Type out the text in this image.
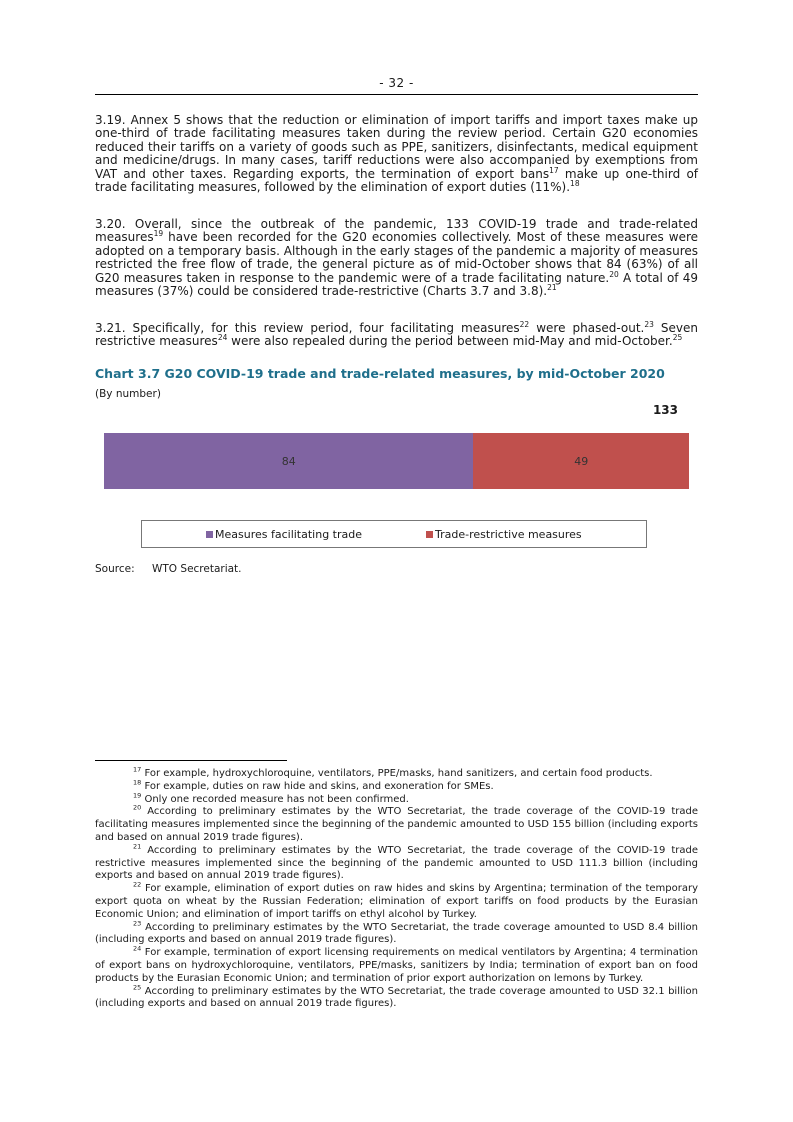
- 32 -

3.19. Annex 5 shows that the reduction or elimination of import tariffs and import taxes make up one-third of trade facilitating measures taken during the review period. Certain G20 economies reduced their tariffs on a variety of goods such as PPE, sanitizers, disinfectants, medical equipment and medicine/drugs. In many cases, tariff reductions were also accompanied by exemptions from VAT and other taxes. Regarding exports, the termination of export bans$^{17}$ make up one-third of trade facilitating measures, followed by the elimination of export duties (11%).$^{18}$

3.20. Overall, since the outbreak of the pandemic, 133 COVID-19 trade and trade-related measures$^{19}$ have been recorded for the G20 economies collectively. Most of these measures were adopted on a temporary basis. Although in the early stages of the pandemic a majority of measures restricted the free flow of trade, the general picture as of mid-October shows that 84 (63%) of all G20 measures taken in response to the pandemic were of a trade facilitating nature.$^{20}$ A total of 49 measures (37%) could be considered trade-restrictive (Charts 3.7 and 3.8).$^{21}$

3.21. Specifically, for this review period, four facilitating measures$^{22}$ were phased-out.$^{23}$ Seven restrictive measures$^{24}$ were also repealed during the period between mid-May and mid-October.$^{25}$

Chart 3.7 G20 COVID-19 trade and trade-related measures, by mid-October 2020
(By number)
133
84	49
Measures facilitating trade	Trade-restrictive measures
Source: WTO Secretariat.

$^{17}$ For example, hydroxychloroquine, ventilators, PPE/masks, hand sanitizers, and certain food products.

$^{18}$ For example, duties on raw hide and skins, and exoneration for SMEs.

$^{19}$ Only one recorded measure has not been confirmed.

$^{20}$ According to preliminary estimates by the WTO Secretariat, the trade coverage of the COVID-19 trade facilitating measures implemented since the beginning of the pandemic amounted to USD 155 billion (including exports and based on annual 2019 trade figures).

$^{21}$ According to preliminary estimates by the WTO Secretariat, the trade coverage of the COVID-19 trade restrictive measures implemented since the beginning of the pandemic amounted to USD 111.3 billion (including exports and based on annual 2019 trade figures).

$^{22}$ For example, elimination of export duties on raw hides and skins by Argentina; termination of the temporary export quota on wheat by the Russian Federation; elimination of export tariffs on food products by the Eurasian Economic Union; and elimination of import tariffs on ethyl alcohol by Turkey.

$^{23}$ According to preliminary estimates by the WTO Secretariat, the trade coverage amounted to USD 8.4 billion (including exports and based on annual 2019 trade figures).

$^{24}$ For example, termination of export licensing requirements on medical ventilators by Argentina; 4 termination of export bans on hydroxychloroquine, ventilators, PPE/masks, sanitizers by India; termination of export ban on food products by the Eurasian Economic Union; and termination of prior export authorization on lemons by Turkey.

$^{25}$ According to preliminary estimates by the WTO Secretariat, the trade coverage amounted to USD 32.1 billion (including exports and based on annual 2019 trade figures).
